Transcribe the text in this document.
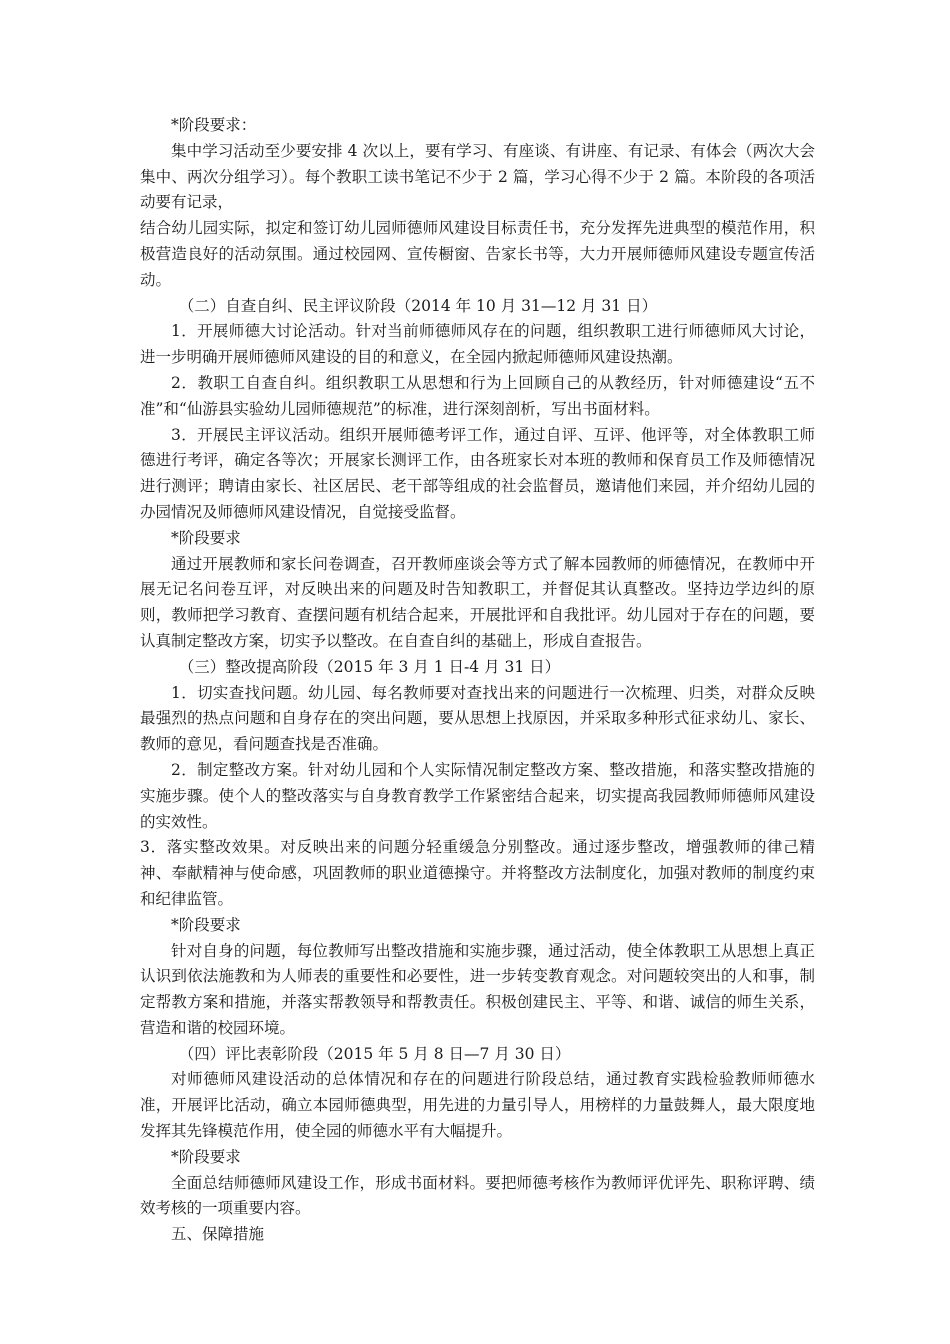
*阶段要求：

集中学习活动至少要安排 4 次以上，要有学习、有座谈、有讲座、有记录、有体会（两次大会集中、两次分组学习）。每个教职工读书笔记不少于 2 篇，学习心得不少于 2 篇。本阶段的各项活动要有记录，

结合幼儿园实际，拟定和签订幼儿园师德师风建设目标责任书，充分发挥先进典型的模范作用，积极营造良好的活动氛围。通过校园网、宣传橱窗、告家长书等，大力开展师德师风建设专题宣传活动。

（二）自查自纠、民主评议阶段（2014 年 10 月 31—12 月 31 日）

1．开展师德大讨论活动。针对当前师德师风存在的问题，组织教职工进行师德师风大讨论，进一步明确开展师德师风建设的目的和意义，在全园内掀起师德师风建设热潮。

2．教职工自查自纠。组织教职工从思想和行为上回顾自己的从教经历，针对师德建设“五不准”和“仙游县实验幼儿园师德规范”的标准，进行深刻剖析，写出书面材料。

3．开展民主评议活动。组织开展师德考评工作，通过自评、互评、他评等，对全体教职工师德进行考评，确定各等次；开展家长测评工作，由各班家长对本班的教师和保育员工作及师德情况进行测评；聘请由家长、社区居民、老干部等组成的社会监督员，邀请他们来园，并介绍幼儿园的办园情况及师德师风建设情况，自觉接受监督。

*阶段要求

通过开展教师和家长问卷调查，召开教师座谈会等方式了解本园教师的师德情况，在教师中开展无记名问卷互评，对反映出来的问题及时告知教职工，并督促其认真整改。坚持边学边纠的原则，教师把学习教育、查摆问题有机结合起来，开展批评和自我批评。幼儿园对于存在的问题，要认真制定整改方案，切实予以整改。在自查自纠的基础上，形成自查报告。

（三）整改提高阶段（2015 年 3 月 1 日-4 月 31 日）

1．切实查找问题。幼儿园、每名教师要对查找出来的问题进行一次梳理、归类，对群众反映最强烈的热点问题和自身存在的突出问题，要从思想上找原因，并采取多种形式征求幼儿、家长、教师的意见，看问题查找是否准确。

2．制定整改方案。针对幼儿园和个人实际情况制定整改方案、整改措施，和落实整改措施的实施步骤。使个人的整改落实与自身教育教学工作紧密结合起来，切实提高我园教师师德师风建设的实效性。

3．落实整改效果。对反映出来的问题分轻重缓急分别整改。通过逐步整改，增强教师的律己精神、奉献精神与使命感，巩固教师的职业道德操守。并将整改方法制度化，加强对教师的制度约束和纪律监管。

*阶段要求

针对自身的问题，每位教师写出整改措施和实施步骤，通过活动，使全体教职工从思想上真正认识到依法施教和为人师表的重要性和必要性，进一步转变教育观念。对问题较突出的人和事，制定帮教方案和措施，并落实帮教领导和帮教责任。积极创建民主、平等、和谐、诚信的师生关系，营造和谐的校园环境。

（四）评比表彰阶段（2015 年 5 月 8 日—7 月 30 日）

对师德师风建设活动的总体情况和存在的问题进行阶段总结，通过教育实践检验教师师德水准，开展评比活动，确立本园师德典型，用先进的力量引导人，用榜样的力量鼓舞人，最大限度地发挥其先锋模范作用，使全园的师德水平有大幅提升。

*阶段要求

全面总结师德师风建设工作，形成书面材料。要把师德考核作为教师评优评先、职称评聘、绩效考核的一项重要内容。

五、保障措施
